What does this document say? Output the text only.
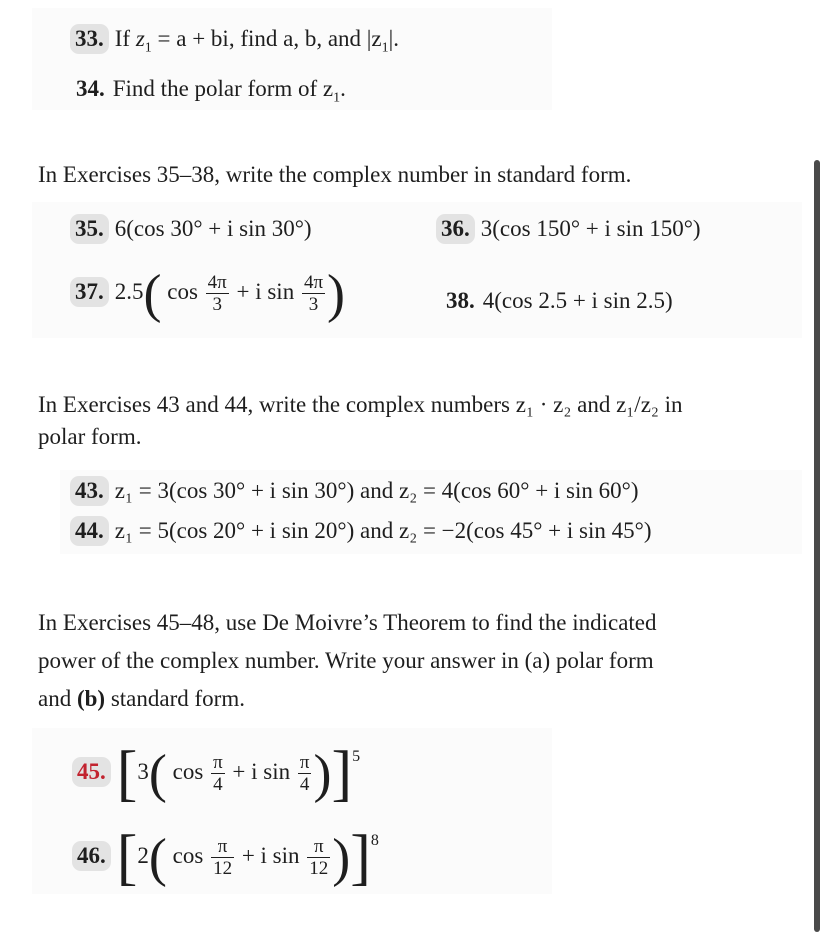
33. If $z_1 = a$ + bi, find a, b, and $|z_1|$.
34. Find the polar form of $z_1$.
In Exercises 35–38, write the complex number in standard form.
35. 6(cos 30° + i sin 30°)	36. 3(cos 150° + i sin 150°)
37. 2.5( $\cos \frac{4\pi}{3} + i$ $\sin \frac{4\pi}{3}$ )	38. 4(cos 2.5 + i sin 2.5)
In Exercises 43 and 44, write the complex numbers z₁ · z₂ and z₁/z₂ in
polar form.
43. z₁ = 3(cos 30° + i sin 30°) and z₂ = 4(cos 60° + i sin 60°)
44. z₁ = 5(cos 20° + i sin 20°) and z₂ = −2(cos 45° + i sin 45°)
In Exercises 45–48, use De Moivre’s Theorem to find the indicated
power of the complex number. Write your answer in (a) polar form
and (b) standard form.
45. [3( $\cos \frac{\pi}{4} + i$ $\sin \frac{\pi}{4} )]^5$
46. [2( $\cos \frac{\pi}{12} + i$ $\sin \frac{\pi}{12} )]^8$
